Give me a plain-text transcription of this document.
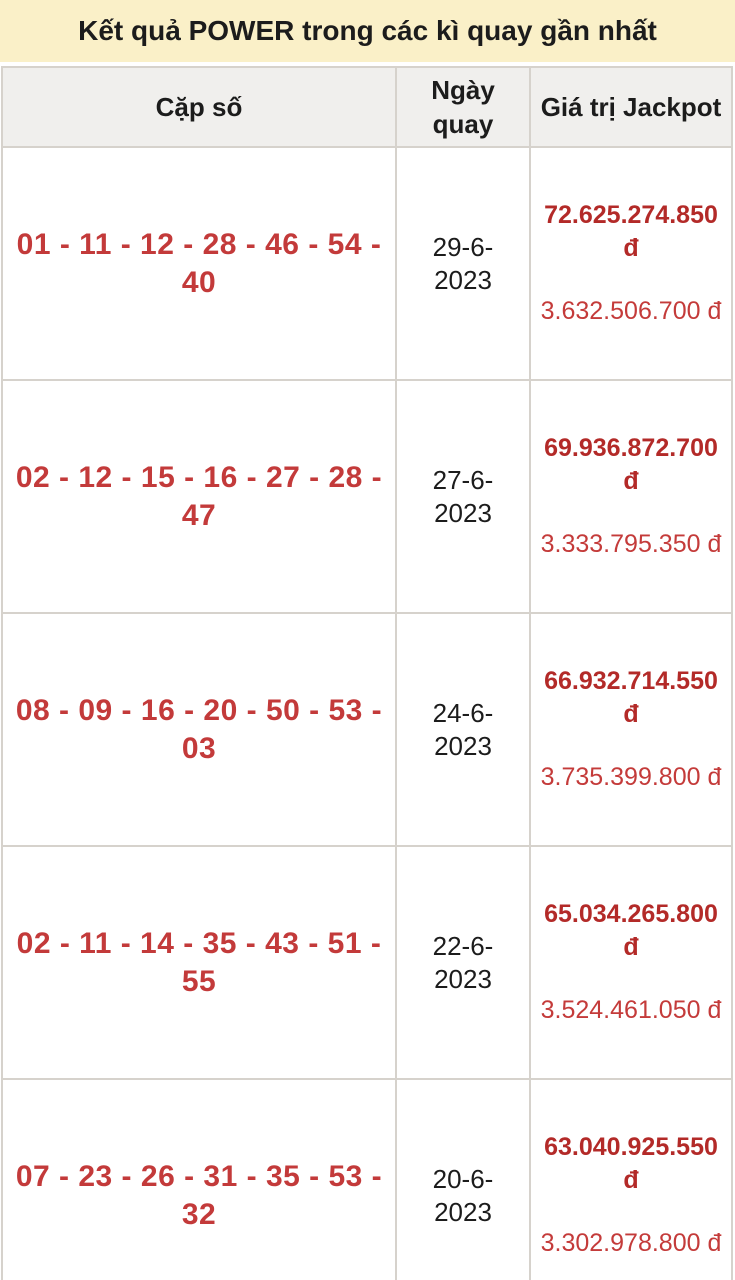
Kết quả POWER trong các kì quay gần nhất
Cặp số	Ngày quay	Giá trị Jackpot
01 - 11 - 12 - 28 - 46 - 54 - 40	29-6-2023	72.625.274.850 đ

3.632.506.700 đ

02 - 12 - 15 - 16 - 27 - 28 - 47	27-6-2023	69.936.872.700 đ

3.333.795.350 đ

08 - 09 - 16 - 20 - 50 - 53 - 03	24-6-2023	66.932.714.550 đ

3.735.399.800 đ

02 - 11 - 14 - 35 - 43 - 51 - 55	22-6-2023	65.034.265.800 đ

3.524.461.050 đ

07 - 23 - 26 - 31 - 35 - 53 - 32	20-6-2023	63.040.925.550 đ

3.302.978.800 đ
